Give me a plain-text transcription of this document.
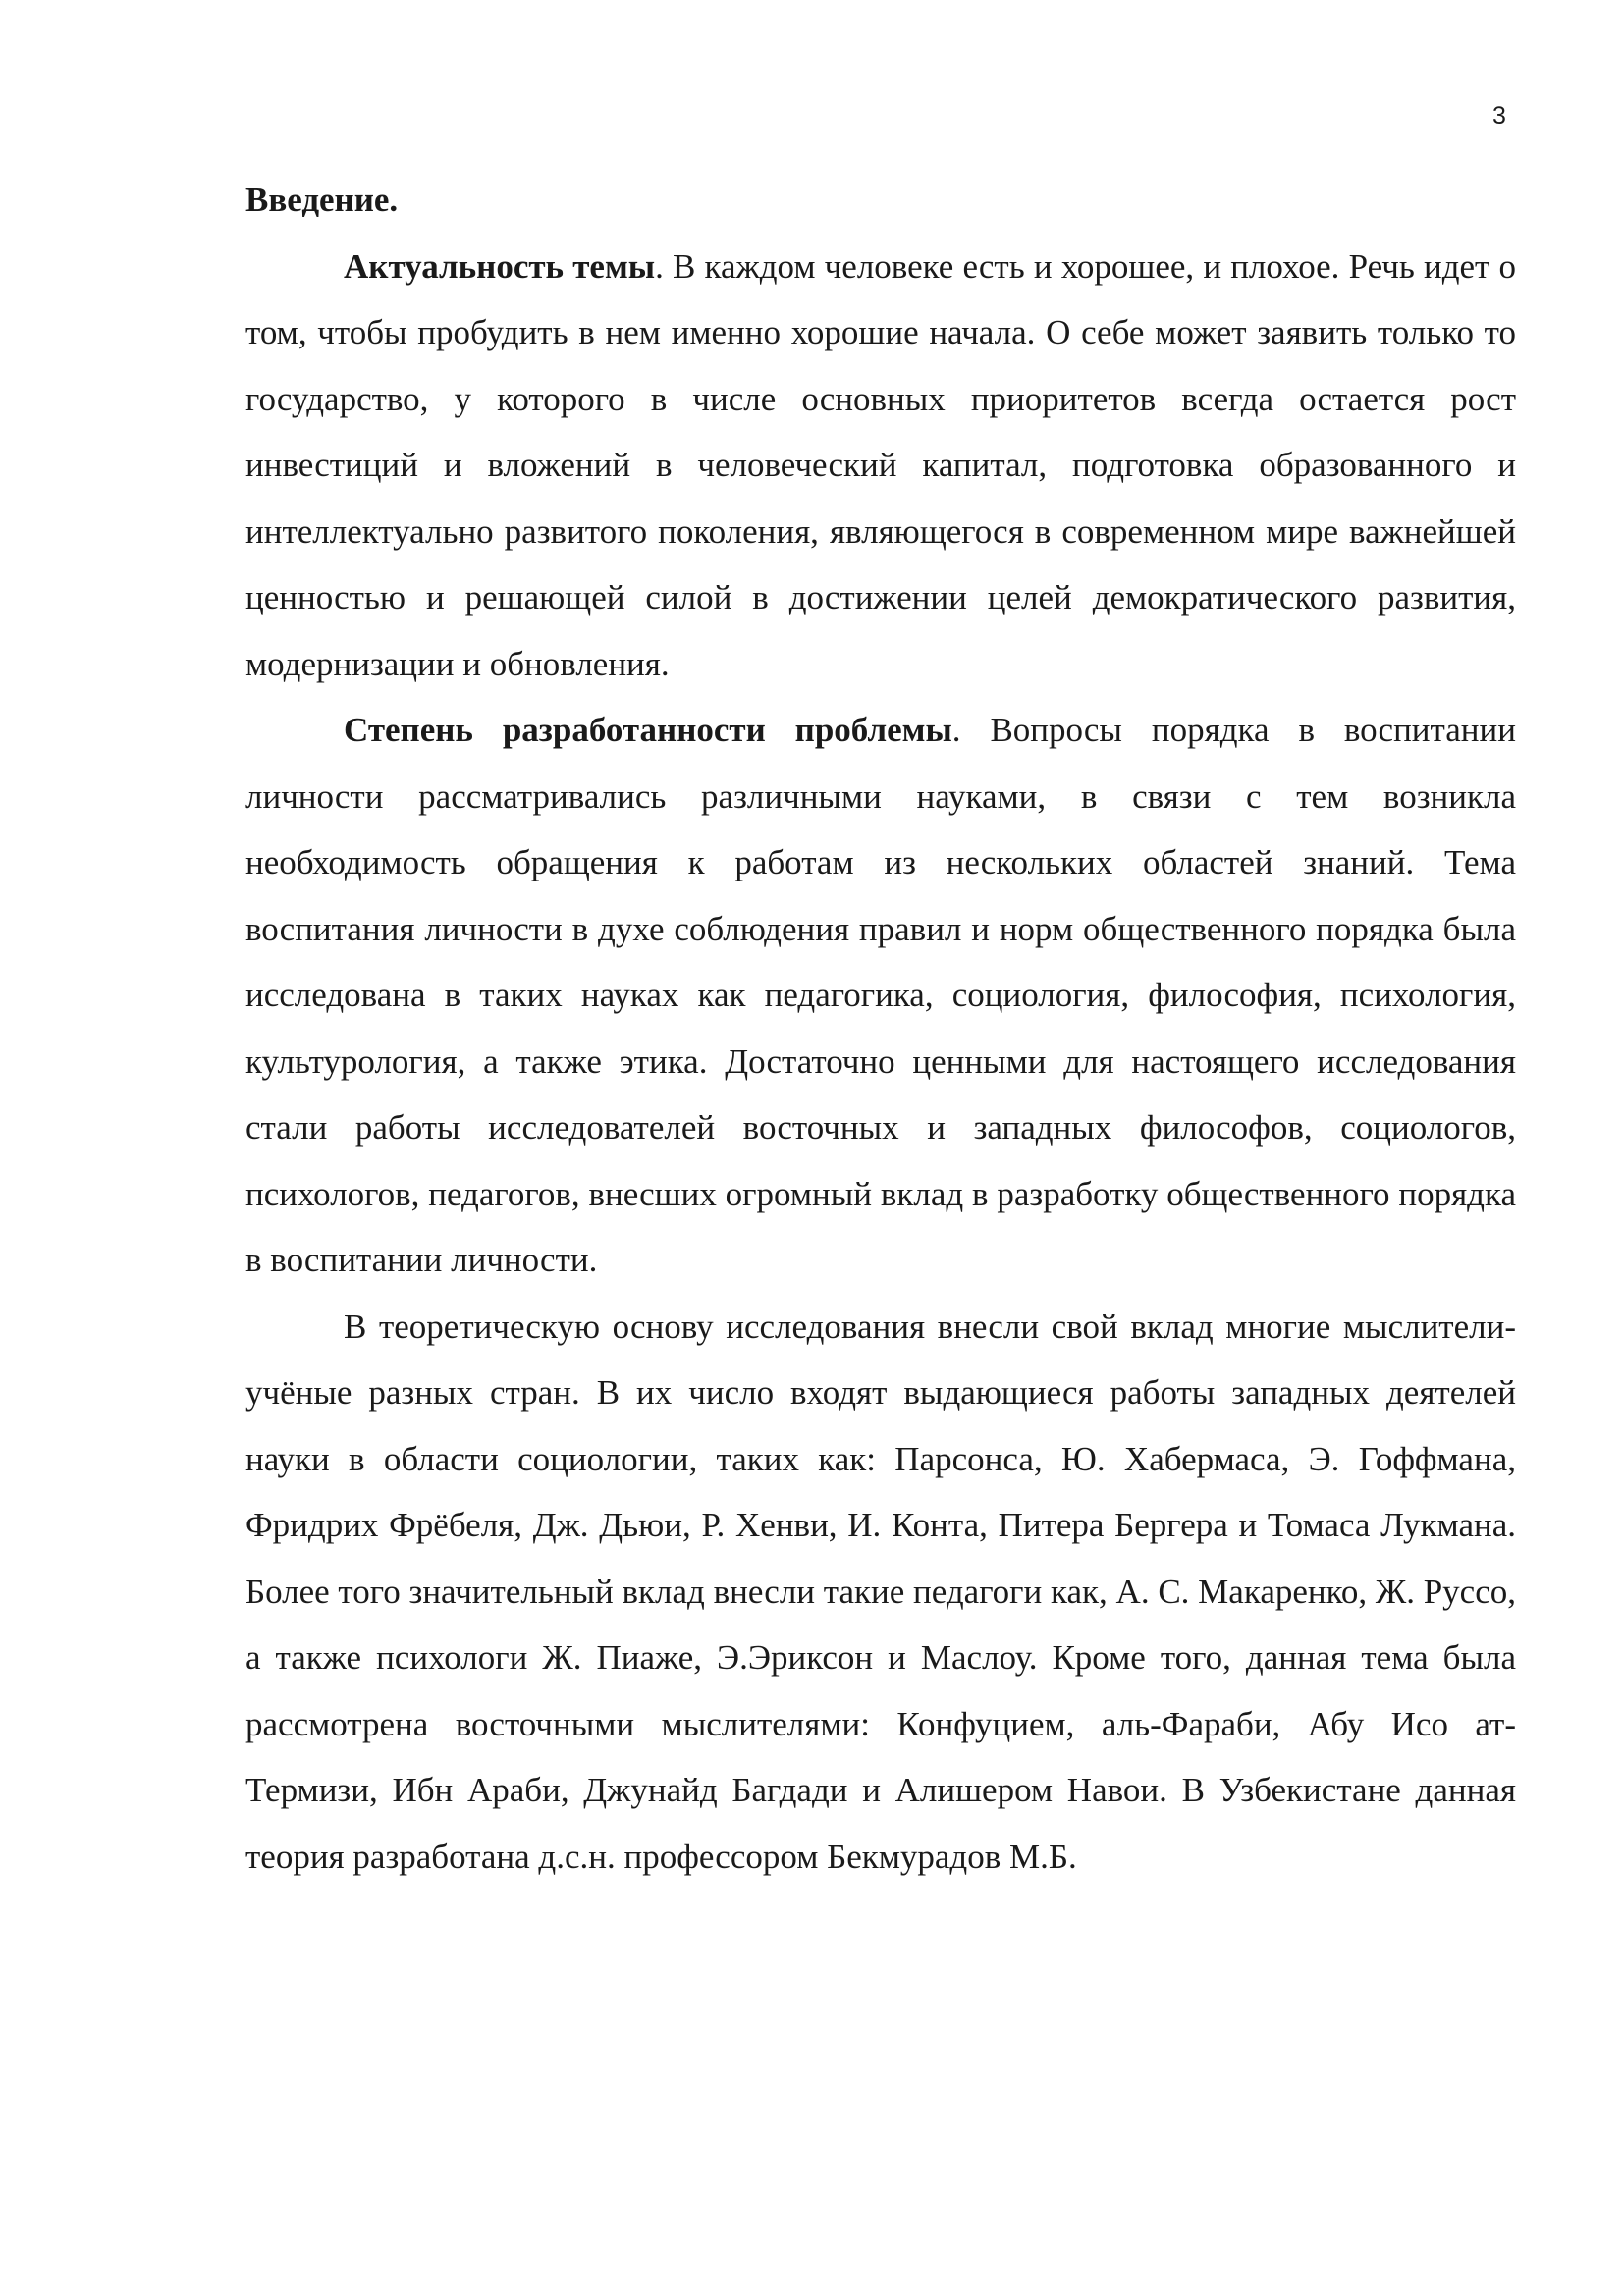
3

Введение.

Актуальность темы. В каждом человеке есть и хорошее, и плохое. Речь идет о том, чтобы пробудить в нем именно хорошие начала. О себе может заявить только то государство, у которого в числе основных приоритетов всегда остается рост инвестиций и вложений в человеческий капитал, подготовка образованного и интеллектуально развитого поколения, являющегося в современном мире важнейшей ценностью и решающей силой в достижении целей демократического развития, модернизации и обновления.

Степень разработанности проблемы. Вопросы порядка в воспитании личности рассматривались различными науками, в связи с тем возникла необходимость обращения к работам из нескольких областей знаний. Тема воспитания личности в духе соблюдения правил и норм общественного порядка была исследована в таких науках как педагогика, социология, философия, психология, культурология, а также этика. Достаточно ценными для настоящего исследования стали работы исследователей восточных и западных философов, социологов, психологов, педагогов, внесших огромный вклад в разработку общественного порядка в воспитании личности.

В теоретическую основу исследования внесли свой вклад многие мыслители-учёные разных стран. В их число входят выдающиеся работы западных деятелей науки в области социологии, таких как: Парсонса, Ю. Хабермаса, Э. Гоффмана, Фридрих Фрёбеля, Дж. Дьюи, Р. Хенви, И. Конта, Питера Бергера и Томаса Лукмана. Более того значительный вклад внесли такие педагоги как, А. С. Макаренко, Ж. Руссо, а также психологи Ж. Пиаже, Э.Эриксон и Маслоу. Кроме того, данная тема была рассмотрена восточными мыслителями: Конфуцием, аль-Фараби, Абу Исо ат-Термизи, Ибн Араби, Джунайд Багдади и Алишером Навои. В Узбекистане данная теория разработана д.с.н. профессором Бекмурадов М.Б.
